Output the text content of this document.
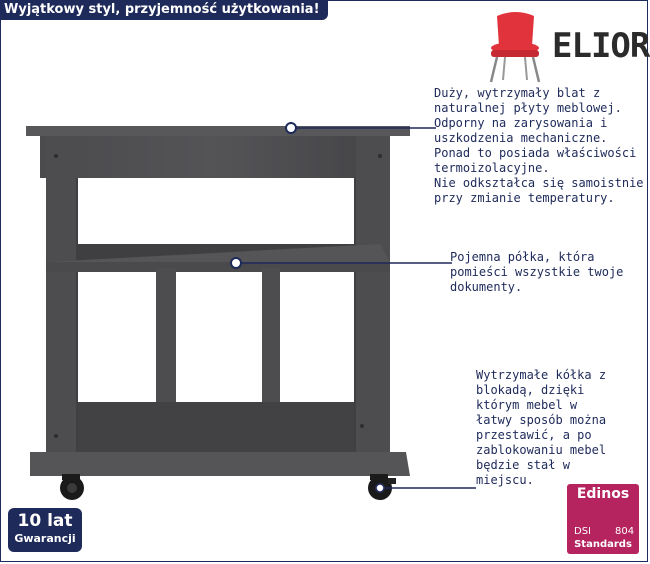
Wyjątkowy styl, przyjemność użytkowania!
ELIOR
Duży, wytrzymały blat z
naturalnej płyty meblowej.
Odporny na zarysowania i
uszkodzenia mechaniczne.
Ponad to posiada właściwości
termoizolacyjne.
Nie odkształca się samoistnie
przy zmianie temperatury.
Pojemna półka, która
pomieści wszystkie twoje
dokumenty.
Wytrzymałe kółka z
blokadą, dzięki
którym mebel w
łatwy sposób można
przestawić, a po
zablokowaniu mebel
będzie stał w
miejscu.
10 lat
Gwarancji
Edinos
DSI 804
Standards
